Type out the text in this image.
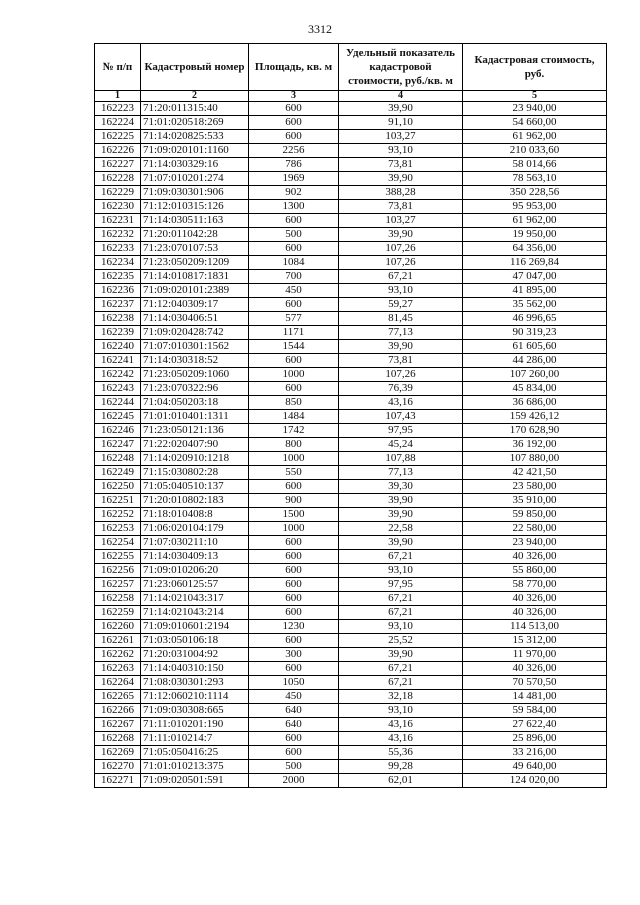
3312
№ п/п	Кадастровый номер	Площадь, кв. м	Удельный показатель кадастровой стоимости, руб./кв. м	Кадастровая стоимость, руб.
1	2	3	4	5
162223	71:20:011315:40	600	39,90	23 940,00
162224	71:01:020518:269	600	91,10	54 660,00
162225	71:14:020825:533	600	103,27	61 962,00
162226	71:09:020101:1160	2256	93,10	210 033,60
162227	71:14:030329:16	786	73,81	58 014,66
162228	71:07:010201:274	1969	39,90	78 563,10
162229	71:09:030301:906	902	388,28	350 228,56
162230	71:12:010315:126	1300	73,81	95 953,00
162231	71:14:030511:163	600	103,27	61 962,00
162232	71:20:011042:28	500	39,90	19 950,00
162233	71:23:070107:53	600	107,26	64 356,00
162234	71:23:050209:1209	1084	107,26	116 269,84
162235	71:14:010817:1831	700	67,21	47 047,00
162236	71:09:020101:2389	450	93,10	41 895,00
162237	71:12:040309:17	600	59,27	35 562,00
162238	71:14:030406:51	577	81,45	46 996,65
162239	71:09:020428:742	1171	77,13	90 319,23
162240	71:07:010301:1562	1544	39,90	61 605,60
162241	71:14:030318:52	600	73,81	44 286,00
162242	71:23:050209:1060	1000	107,26	107 260,00
162243	71:23:070322:96	600	76,39	45 834,00
162244	71:04:050203:18	850	43,16	36 686,00
162245	71:01:010401:1311	1484	107,43	159 426,12
162246	71:23:050121:136	1742	97,95	170 628,90
162247	71:22:020407:90	800	45,24	36 192,00
162248	71:14:020910:1218	1000	107,88	107 880,00
162249	71:15:030802:28	550	77,13	42 421,50
162250	71:05:040510:137	600	39,30	23 580,00
162251	71:20:010802:183	900	39,90	35 910,00
162252	71:18:010408:8	1500	39,90	59 850,00
162253	71:06:020104:179	1000	22,58	22 580,00
162254	71:07:030211:10	600	39,90	23 940,00
162255	71:14:030409:13	600	67,21	40 326,00
162256	71:09:010206:20	600	93,10	55 860,00
162257	71:23:060125:57	600	97,95	58 770,00
162258	71:14:021043:317	600	67,21	40 326,00
162259	71:14:021043:214	600	67,21	40 326,00
162260	71:09:010601:2194	1230	93,10	114 513,00
162261	71:03:050106:18	600	25,52	15 312,00
162262	71:20:031004:92	300	39,90	11 970,00
162263	71:14:040310:150	600	67,21	40 326,00
162264	71:08:030301:293	1050	67,21	70 570,50
162265	71:12:060210:1114	450	32,18	14 481,00
162266	71:09:030308:665	640	93,10	59 584,00
162267	71:11:010201:190	640	43,16	27 622,40
162268	71:11:010214:7	600	43,16	25 896,00
162269	71:05:050416:25	600	55,36	33 216,00
162270	71:01:010213:375	500	99,28	49 640,00
162271	71:09:020501:591	2000	62,01	124 020,00
